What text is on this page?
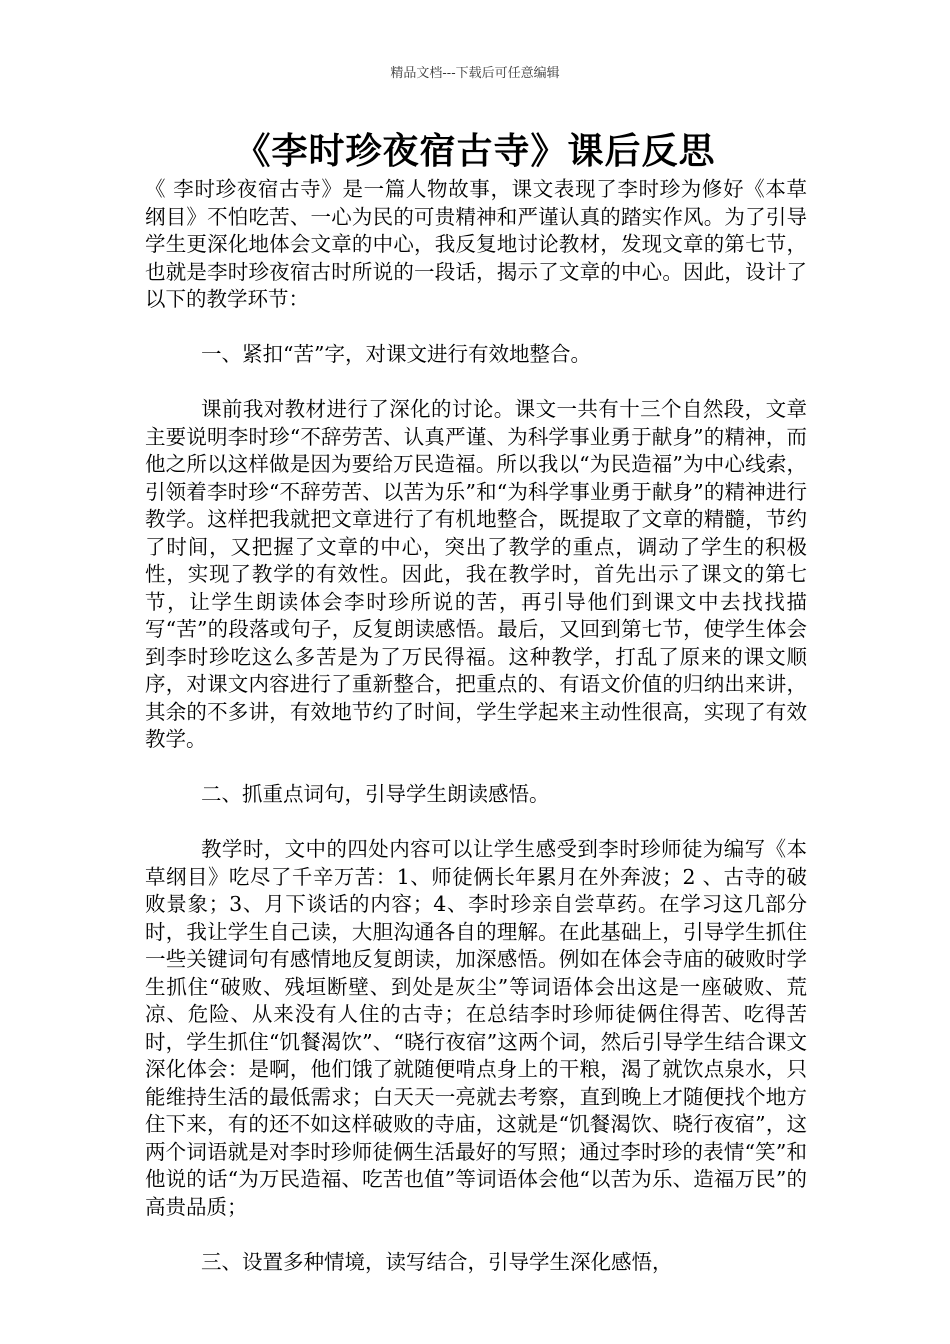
精品文档---下载后可任意编辑
《李时珍夜宿古寺》课后反思

《 李时珍夜宿古寺》是一篇人物故事，课文表现了李时珍为修好《本草纲目》不怕吃苦、一心为民的可贵精神和严谨认真的踏实作风。为了引导学生更深化地体会文章的中心，我反复地讨论教材，发现文章的第七节，也就是李时珍夜宿古时所说的一段话，揭示了文章的中心。因此，设计了以下的教学环节：

一、紧扣“苦”字，对课文进行有效地整合。

课前我对教材进行了深化的讨论。课文一共有十三个自然段，文章主要说明李时珍“不辞劳苦、认真严谨、为科学事业勇于献身”的精神，而他之所以这样做是因为要给万民造福。所以我以“为民造福”为中心线索，引领着李时珍“不辞劳苦、以苦为乐”和“为科学事业勇于献身”的精神进行教学。这样把我就把文章进行了有机地整合，既提取了文章的精髓，节约了时间，又把握了文章的中心，突出了教学的重点，调动了学生的积极性，实现了教学的有效性。因此，我在教学时，首先出示了课文的第七节，让学生朗读体会李时珍所说的苦，再引导他们到课文中去找找描写“苦”的段落或句子，反复朗读感悟。最后，又回到第七节，使学生体会到李时珍吃这么多苦是为了万民得福。这种教学，打乱了原来的课文顺序，对课文内容进行了重新整合，把重点的、有语文价值的归纳出来讲，其余的不多讲，有效地节约了时间，学生学起来主动性很高，实现了有效教学。

二、抓重点词句，引导学生朗读感悟。

教学时，文中的四处内容可以让学生感受到李时珍师徒为编写《本草纲目》吃尽了千辛万苦：1、师徒俩长年累月在外奔波；2 、古寺的破败景象；3、月下谈话的内容；4、李时珍亲自尝草药。在学习这几部分时，我让学生自己读，大胆沟通各自的理解。在此基础上，引导学生抓住一些关键词句有感情地反复朗读，加深感悟。例如在体会寺庙的破败时学生抓住“破败、残垣断壁、到处是灰尘”等词语体会出这是一座破败、荒凉、危险、从来没有人住的古寺；在总结李时珍师徒俩住得苦、吃得苦时，学生抓住“饥餐渴饮”、“晓行夜宿”这两个词，然后引导学生结合课文深化体会：是啊，他们饿了就随便啃点身上的干粮，渴了就饮点泉水，只能维持生活的最低需求；白天天一亮就去考察，直到晚上才随便找个地方住下来，有的还不如这样破败的寺庙，这就是“饥餐渴饮、晓行夜宿”，这两个词语就是对李时珍师徒俩生活最好的写照；通过李时珍的表情“笑”和他说的话“为万民造福、吃苦也值”等词语体会他“以苦为乐、造福万民”的高贵品质；

三、设置多种情境，读写结合，引导学生深化感悟，
